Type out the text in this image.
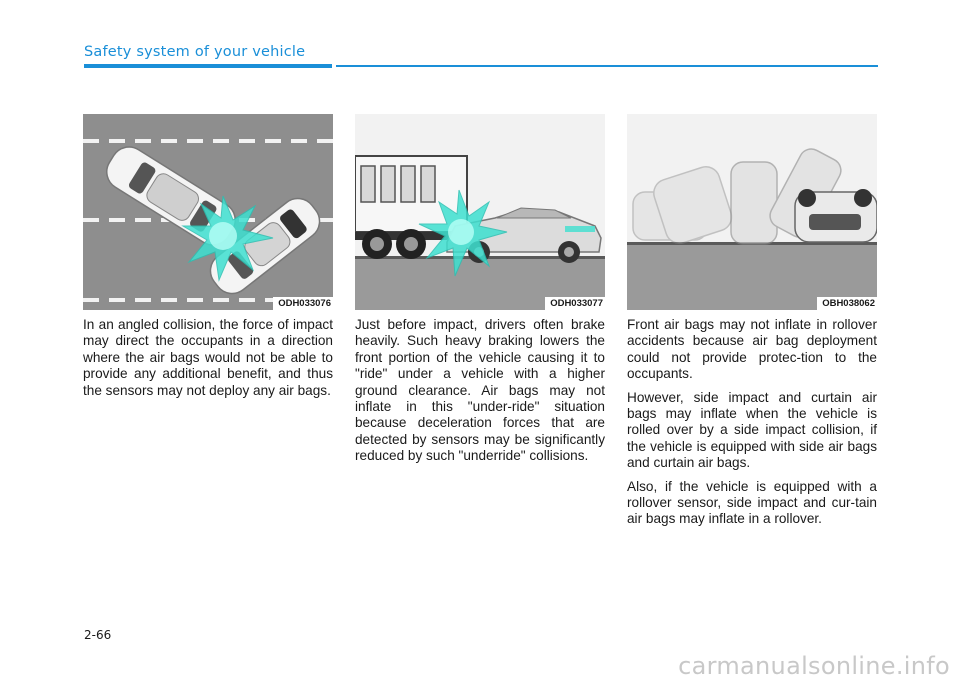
Safety system of your vehicle
ODH033076

In an angled collision, the force of impact may direct the occupants in a direction where the air bags would not be able to provide any additional benefit, and thus the sensors may not deploy any air bags.

ODH033077

Just before impact, drivers often brake heavily. Such heavy braking lowers the front portion of the vehicle causing it to "ride" under a vehicle with a higher ground clearance. Air bags may not inflate in this "under-ride" situation because deceleration forces that are detected by sensors may be significantly reduced by such "underride" collisions.

OBH038062

Front air bags may not inflate in rollover accidents because air bag deployment could not provide protec-tion to the occupants.

However, side impact and curtain air bags may inflate when the vehicle is rolled over by a side impact collision, if the vehicle is equipped with side air bags and curtain air bags.

Also, if the vehicle is equipped with a rollover sensor, side impact and cur-tain air bags may inflate in a rollover.

2-66
carmanualsonline.info
